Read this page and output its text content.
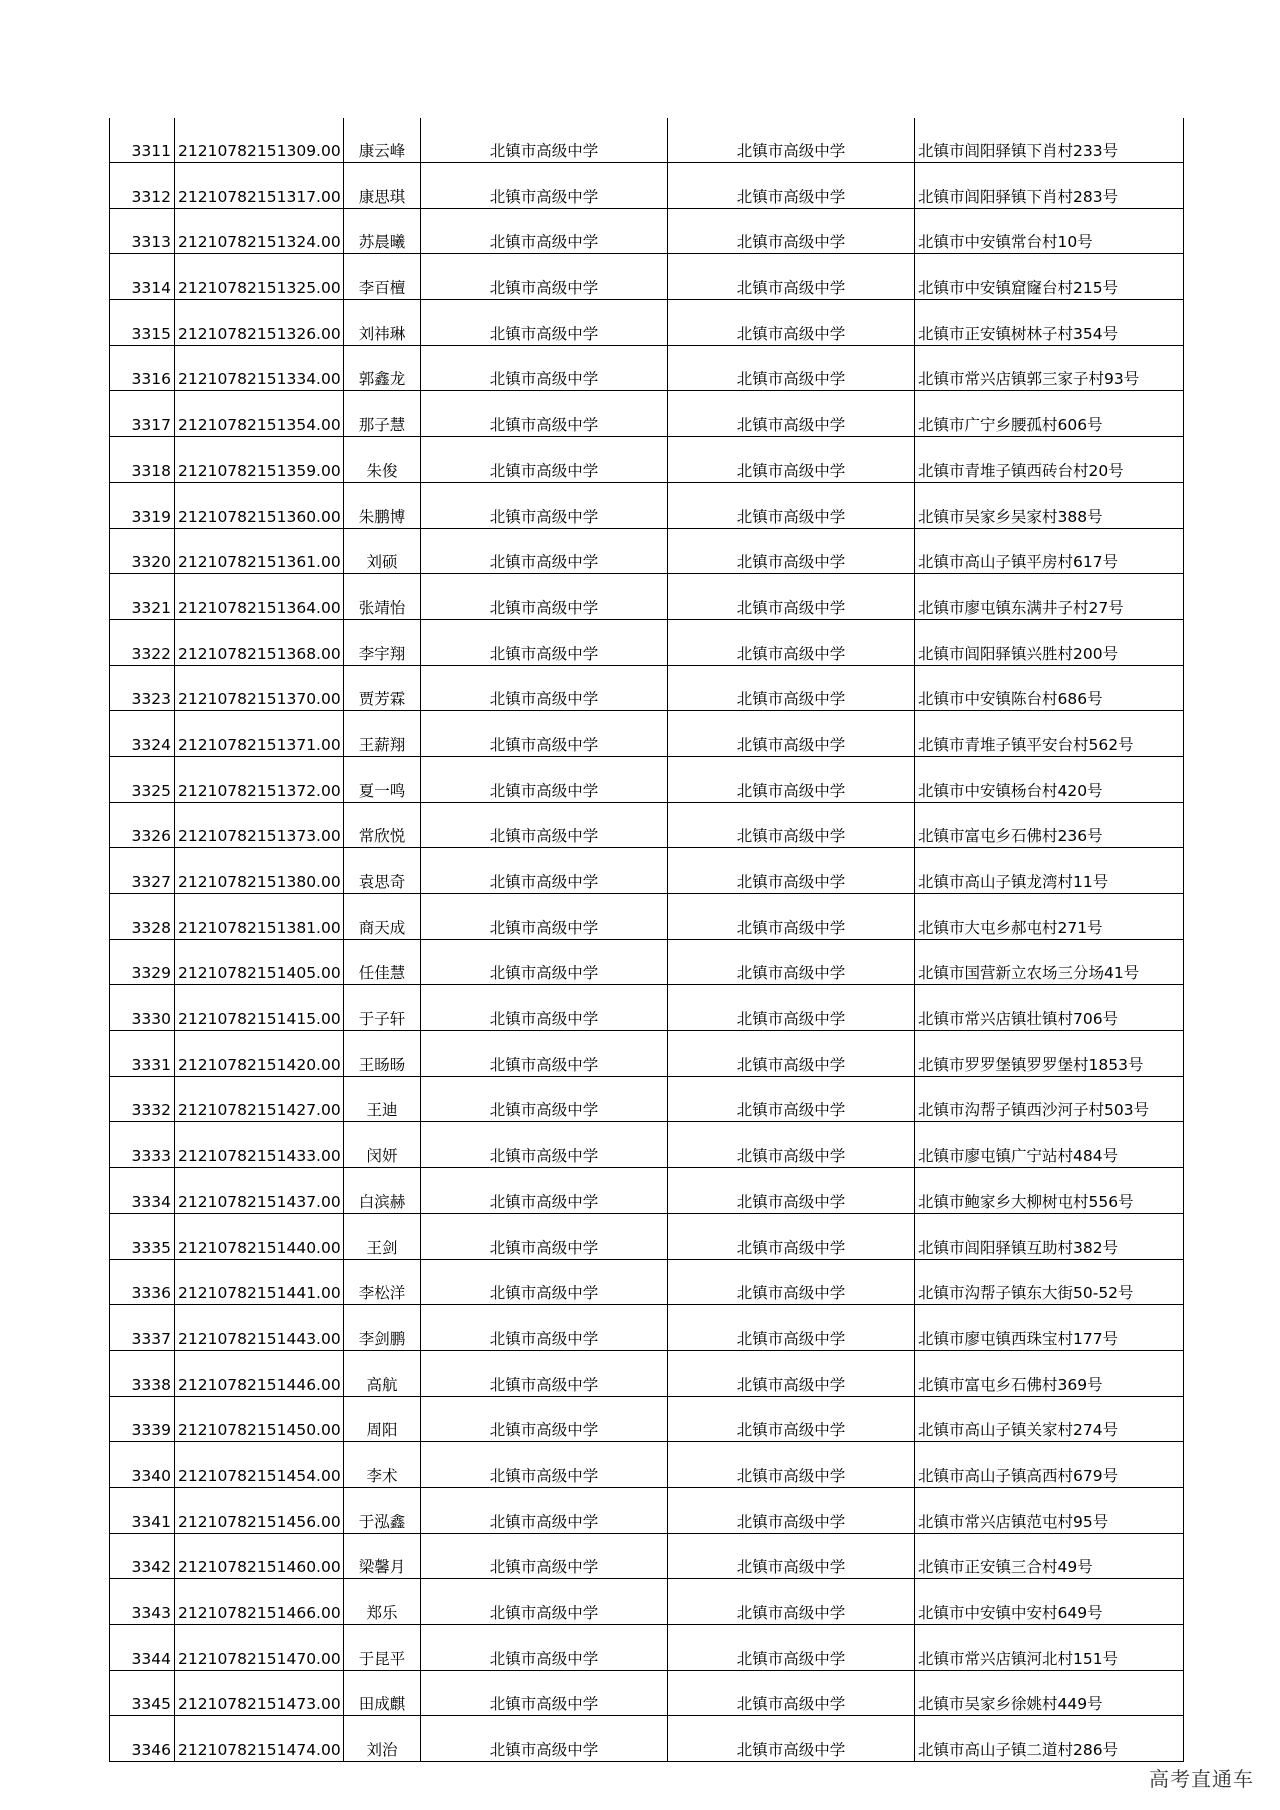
3311	21210782151309.00	康云峰	北镇市高级中学	北镇市高级中学	北镇市闾阳驿镇下肖村233号
3312	21210782151317.00	康思琪	北镇市高级中学	北镇市高级中学	北镇市闾阳驿镇下肖村283号
3313	21210782151324.00	苏晨曦	北镇市高级中学	北镇市高级中学	北镇市中安镇常台村10号
3314	21210782151325.00	李百檀	北镇市高级中学	北镇市高级中学	北镇市中安镇窟窿台村215号
3315	21210782151326.00	刘祎琳	北镇市高级中学	北镇市高级中学	北镇市正安镇树林子村354号
3316	21210782151334.00	郭鑫龙	北镇市高级中学	北镇市高级中学	北镇市常兴店镇郭三家子村93号
3317	21210782151354.00	那子慧	北镇市高级中学	北镇市高级中学	北镇市广宁乡腰孤村606号
3318	21210782151359.00	朱俊	北镇市高级中学	北镇市高级中学	北镇市青堆子镇西砖台村20号
3319	21210782151360.00	朱鹏博	北镇市高级中学	北镇市高级中学	北镇市吴家乡吴家村388号
3320	21210782151361.00	刘硕	北镇市高级中学	北镇市高级中学	北镇市高山子镇平房村617号
3321	21210782151364.00	张靖怡	北镇市高级中学	北镇市高级中学	北镇市廖屯镇东满井子村27号
3322	21210782151368.00	李宇翔	北镇市高级中学	北镇市高级中学	北镇市闾阳驿镇兴胜村200号
3323	21210782151370.00	贾芳霖	北镇市高级中学	北镇市高级中学	北镇市中安镇陈台村686号
3324	21210782151371.00	王薪翔	北镇市高级中学	北镇市高级中学	北镇市青堆子镇平安台村562号
3325	21210782151372.00	夏一鸣	北镇市高级中学	北镇市高级中学	北镇市中安镇杨台村420号
3326	21210782151373.00	常欣悦	北镇市高级中学	北镇市高级中学	北镇市富屯乡石佛村236号
3327	21210782151380.00	袁思奇	北镇市高级中学	北镇市高级中学	北镇市高山子镇龙湾村11号
3328	21210782151381.00	商天成	北镇市高级中学	北镇市高级中学	北镇市大屯乡郝屯村271号
3329	21210782151405.00	任佳慧	北镇市高级中学	北镇市高级中学	北镇市国营新立农场三分场41号
3330	21210782151415.00	于子轩	北镇市高级中学	北镇市高级中学	北镇市常兴店镇壮镇村706号
3331	21210782151420.00	王旸旸	北镇市高级中学	北镇市高级中学	北镇市罗罗堡镇罗罗堡村1853号
3332	21210782151427.00	王迪	北镇市高级中学	北镇市高级中学	北镇市沟帮子镇西沙河子村503号
3333	21210782151433.00	闵妍	北镇市高级中学	北镇市高级中学	北镇市廖屯镇广宁站村484号
3334	21210782151437.00	白滨赫	北镇市高级中学	北镇市高级中学	北镇市鲍家乡大柳树屯村556号
3335	21210782151440.00	王剑	北镇市高级中学	北镇市高级中学	北镇市闾阳驿镇互助村382号
3336	21210782151441.00	李松洋	北镇市高级中学	北镇市高级中学	北镇市沟帮子镇东大街50-52号
3337	21210782151443.00	李剑鹏	北镇市高级中学	北镇市高级中学	北镇市廖屯镇西珠宝村177号
3338	21210782151446.00	高航	北镇市高级中学	北镇市高级中学	北镇市富屯乡石佛村369号
3339	21210782151450.00	周阳	北镇市高级中学	北镇市高级中学	北镇市高山子镇关家村274号
3340	21210782151454.00	李术	北镇市高级中学	北镇市高级中学	北镇市高山子镇高西村679号
3341	21210782151456.00	于泓鑫	北镇市高级中学	北镇市高级中学	北镇市常兴店镇范屯村95号
3342	21210782151460.00	梁馨月	北镇市高级中学	北镇市高级中学	北镇市正安镇三合村49号
3343	21210782151466.00	郑乐	北镇市高级中学	北镇市高级中学	北镇市中安镇中安村649号
3344	21210782151470.00	于昆平	北镇市高级中学	北镇市高级中学	北镇市常兴店镇河北村151号
3345	21210782151473.00	田成麒	北镇市高级中学	北镇市高级中学	北镇市吴家乡徐姚村449号
3346	21210782151474.00	刘治	北镇市高级中学	北镇市高级中学	北镇市高山子镇二道村286号
高考直通车
